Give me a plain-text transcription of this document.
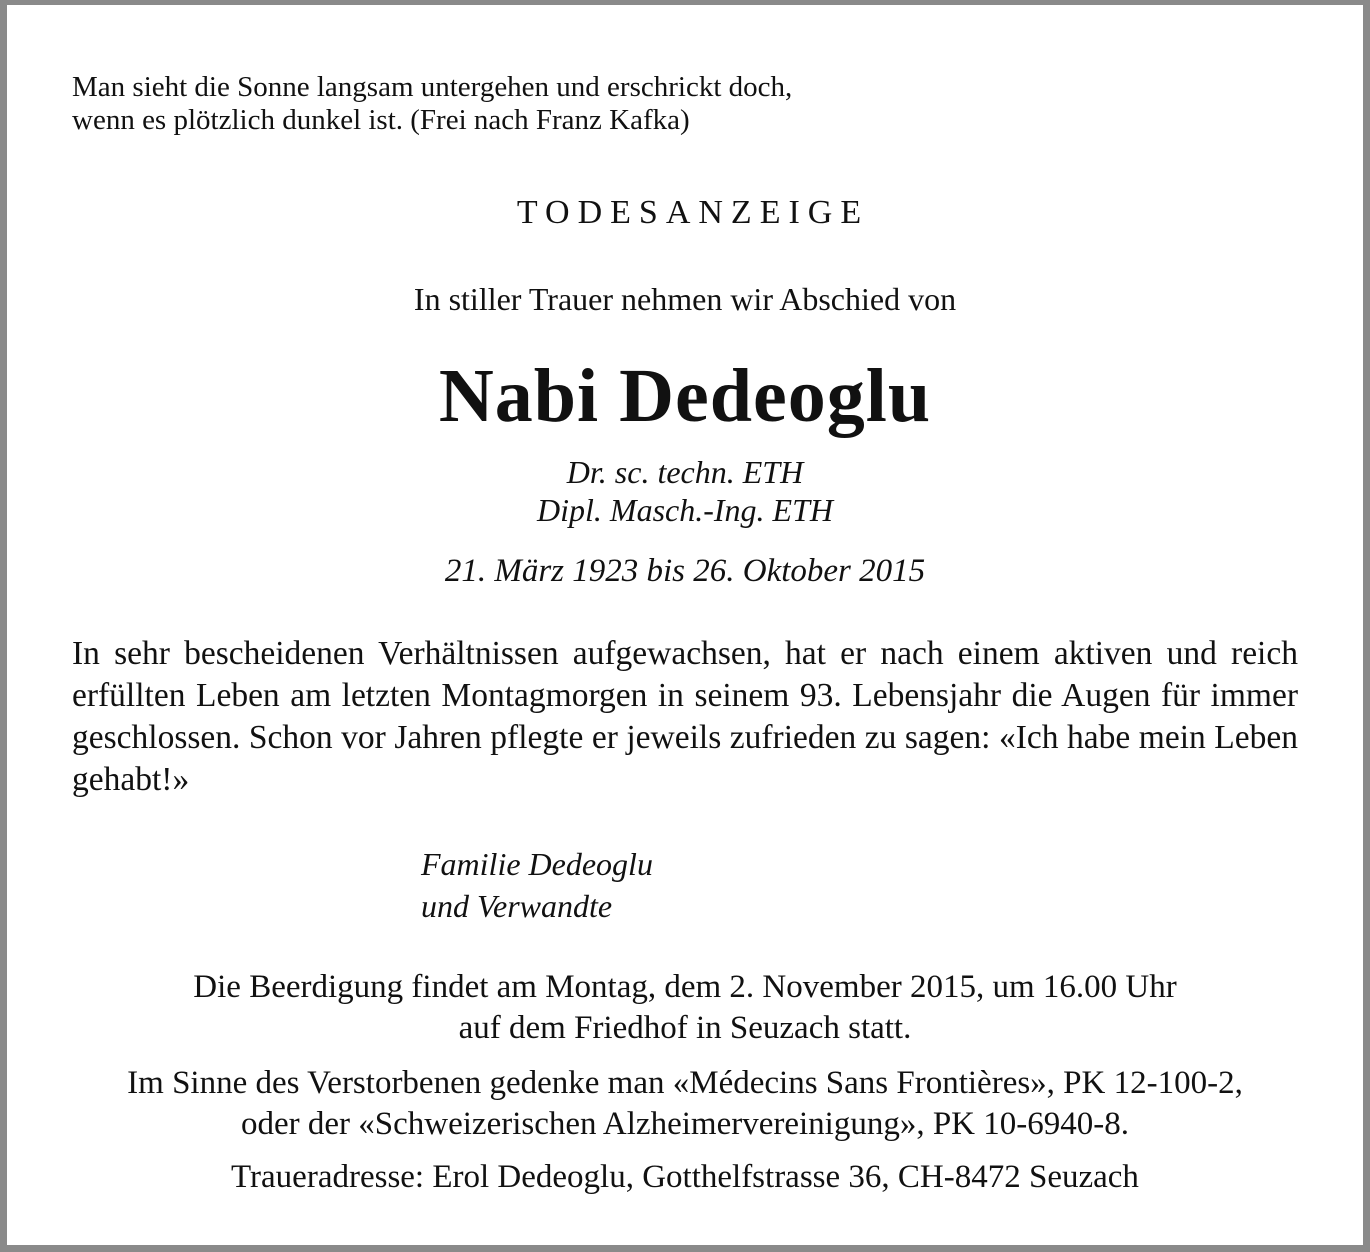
Man sieht die Sonne langsam untergehen und erschrickt doch,
wenn es plötzlich dunkel ist. (Frei nach Franz Kafka)
TODESANZEIGE
In stiller Trauer nehmen wir Abschied von
Nabi Dedeoglu
Dr. sc. techn. ETH
Dipl. Masch.-Ing. ETH
21. März 1923 bis 26. Oktober 2015

In sehr bescheidenen Verhältnissen aufgewachsen, hat er nach einem aktiven und reich erfüllten Leben am letzten Montagmorgen in seinem 93. Lebensjahr die Augen für immer geschlossen. Schon vor Jahren pflegte er jeweils zufrieden zu sagen: «Ich habe mein Leben gehabt!»

Familie Dedeoglu
und Verwandte
Die Beerdigung findet am Montag, dem 2. November 2015, um 16.00 Uhr
auf dem Friedhof in Seuzach statt.
Im Sinne des Verstorbenen gedenke man «Médecins Sans Frontières», PK 12-100-2,
oder der «Schweizerischen Alzheimervereinigung», PK 10-6940-8.
Traueradresse: Erol Dedeoglu, Gotthelfstrasse 36, CH-8472 Seuzach
